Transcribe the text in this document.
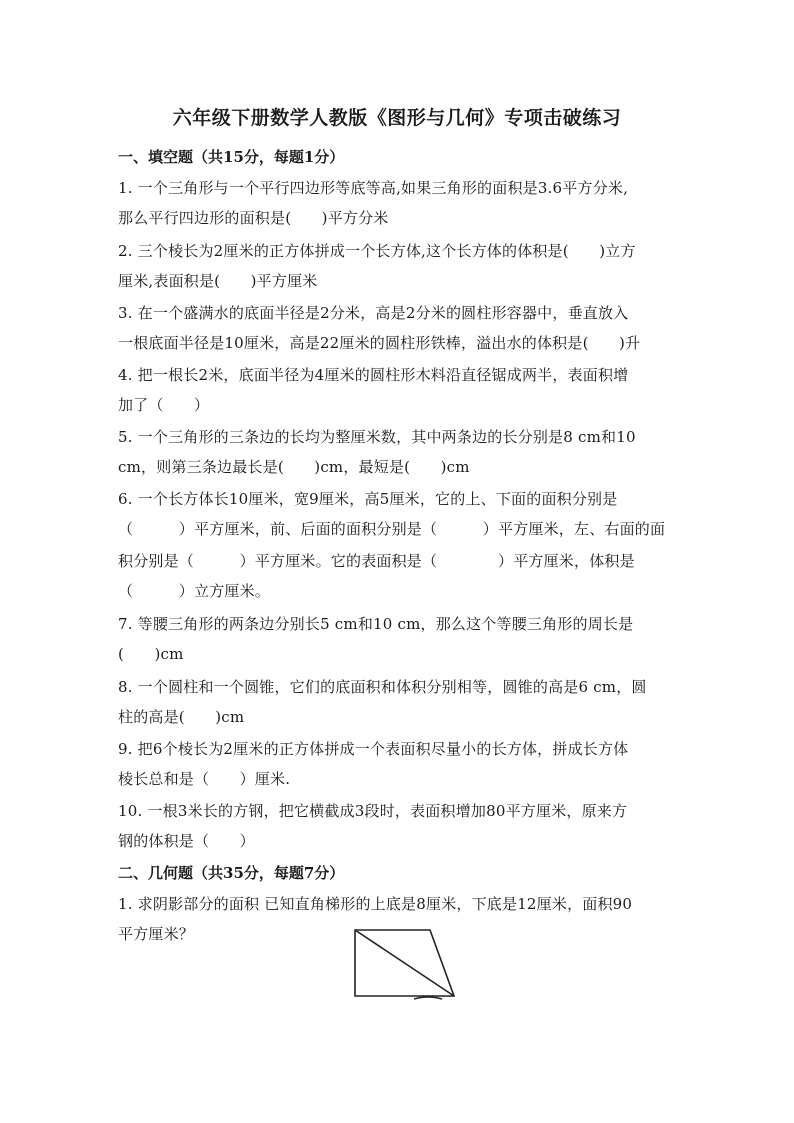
六年级下册数学人教版《图形与几何》专项击破练习
一、填空题（共15分，每题1分）
1. 一个三角形与一个平行四边形等底等高,如果三角形的面积是3.6平方分米,
那么平行四边形的面积是(　　)平方分米
2. 三个棱长为2厘米的正方体拼成一个长方体,这个长方体的体积是(　　)立方
厘米,表面积是(　　)平方厘米
3. 在一个盛满水的底面半径是2分米，高是2分米的圆柱形容器中，垂直放入
一根底面半径是10厘米，高是22厘米的圆柱形铁棒，溢出水的体积是(　　)升
4. 把一根长2米，底面半径为4厘米的圆柱形木料沿直径锯成两半，表面积增
加了（　　）
5. 一个三角形的三条边的长均为整厘米数，其中两条边的长分别是8 cm和10
cm，则第三条边最长是(　　)cm，最短是(　　)cm
6. 一个长方体长10厘米，宽9厘米，高5厘米，它的上、下面的面积分别是
（　　　）平方厘米，前、后面的面积分别是（　　　）平方厘米，左、右面的面
积分别是（　　　）平方厘米。它的表面积是（　　　　）平方厘米，体积是
（　　　）立方厘米。
7. 等腰三角形的两条边分别长5 cm和10 cm，那么这个等腰三角形的周长是
(　　)cm
8. 一个圆柱和一个圆锥，它们的底面积和体积分别相等，圆锥的高是6 cm，圆
柱的高是(　　)cm
9. 把6个棱长为2厘米的正方体拼成一个表面积尽量小的长方体，拼成长方体
棱长总和是（　　）厘米.
10. 一根3米长的方钢，把它横截成3段时，表面积增加80平方厘米，原来方
钢的体积是（　　）
二、几何题（共35分，每题7分）
1. 求阴影部分的面积 已知直角梯形的上底是8厘米，下底是12厘米，面积90
平方厘米？
